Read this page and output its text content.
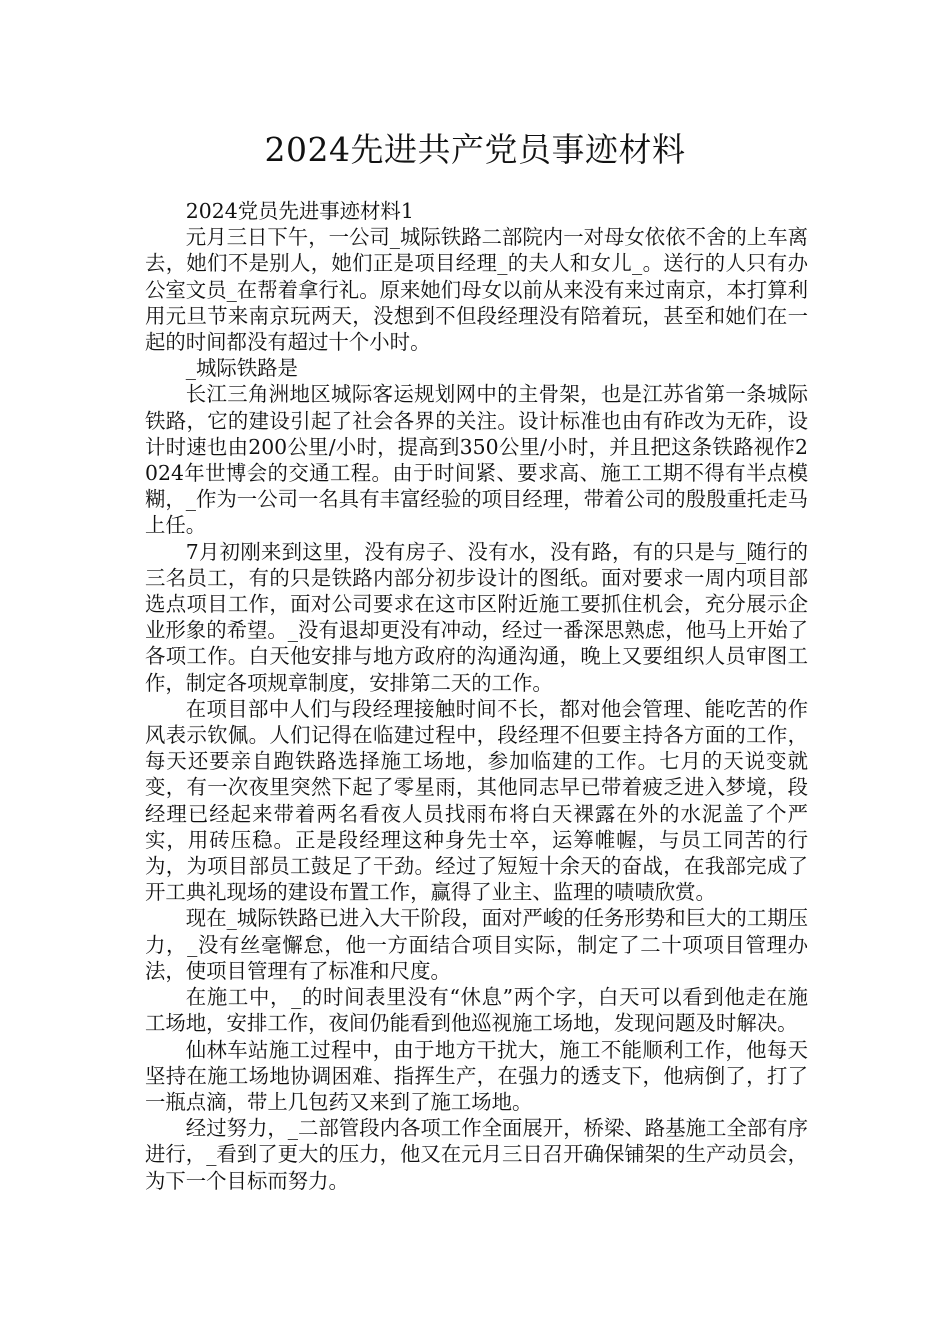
2024先进共产党员事迹材料

2024党员先进事迹材料1

元月三日下午，一公司_城际铁路二部院内一对母女依依不舍的上车离去，她们不是别人，她们正是项目经理_的夫人和女儿_。送行的人只有办公室文员_在帮着拿行礼。原来她们母女以前从来没有来过南京，本打算利用元旦节来南京玩两天，没想到不但段经理没有陪着玩，甚至和她们在一起的时间都没有超过十个小时。

_城际铁路是

长江三角洲地区城际客运规划网中的主骨架，也是江苏省第一条城际铁路，它的建设引起了社会各界的关注。设计标准也由有砟改为无砟，设计时速也由200公里/小时，提高到350公里/小时，并且把这条铁路视作2024年世博会的交通工程。由于时间紧、要求高、施工工期不得有半点模糊，_作为一公司一名具有丰富经验的项目经理，带着公司的殷殷重托走马上任。

7月初刚来到这里，没有房子、没有水，没有路，有的只是与_随行的三名员工，有的只是铁路内部分初步设计的图纸。面对要求一周内项目部选点项目工作，面对公司要求在这市区附近施工要抓住机会，充分展示企业形象的希望。_没有退却更没有冲动，经过一番深思熟虑，他马上开始了各项工作。白天他安排与地方政府的沟通沟通，晚上又要组织人员审图工作，制定各项规章制度，安排第二天的工作。

在项目部中人们与段经理接触时间不长，都对他会管理、能吃苦的作风表示钦佩。人们记得在临建过程中，段经理不但要主持各方面的工作，每天还要亲自跑铁路选择施工场地，参加临建的工作。七月的天说变就变，有一次夜里突然下起了零星雨，其他同志早已带着疲乏进入梦境，段经理已经起来带着两名看夜人员找雨布将白天裸露在外的水泥盖了个严实，用砖压稳。正是段经理这种身先士卒，运筹帷幄，与员工同苦的行为，为项目部员工鼓足了干劲。经过了短短十余天的奋战，在我部完成了开工典礼现场的建设布置工作，赢得了业主、监理的啧啧欣赏。

现在_城际铁路已进入大干阶段，面对严峻的任务形势和巨大的工期压力，_没有丝毫懈怠，他一方面结合项目实际，制定了二十项项目管理办法，使项目管理有了标准和尺度。

在施工中，_的时间表里没有“休息”两个字，白天可以看到他走在施工场地，安排工作，夜间仍能看到他巡视施工场地，发现问题及时解决。

仙林车站施工过程中，由于地方干扰大，施工不能顺利工作，他每天坚持在施工场地协调困难、指挥生产，在强力的透支下，他病倒了，打了一瓶点滴，带上几包药又来到了施工场地。

经过努力，_二部管段内各项工作全面展开，桥梁、路基施工全部有序进行，_看到了更大的压力，他又在元月三日召开确保铺架的生产动员会，为下一个目标而努力。
